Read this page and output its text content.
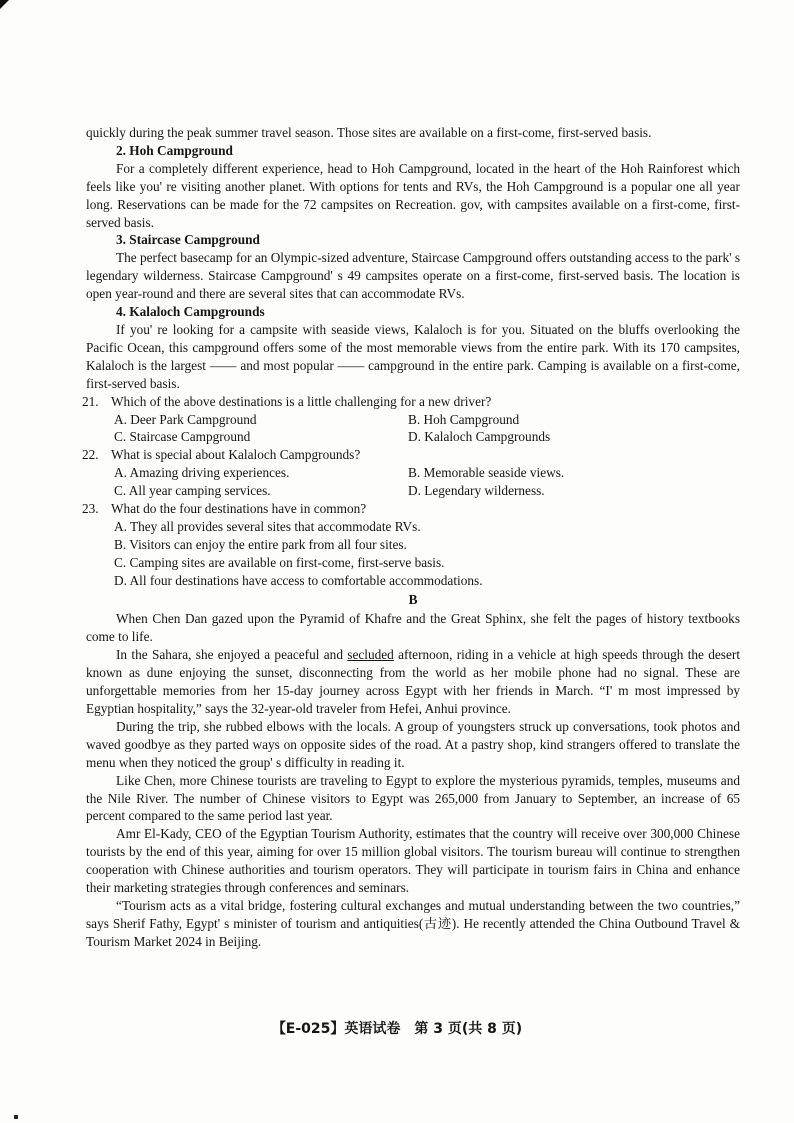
quickly during the peak summer travel season. Those sites are available on a first-come, first-served basis.

2. Hoh Campground

For a completely different experience, head to Hoh Campground, located in the heart of the Hoh Rainforest which feels like you' re visiting another planet. With options for tents and RVs, the Hoh Campground is a popular one all year long. Reservations can be made for the 72 campsites on Recreation. gov, with campsites available on a first-come, first-served basis.

3. Staircase Campground

The perfect basecamp for an Olympic-sized adventure, Staircase Campground offers outstanding access to the park' s legendary wilderness. Staircase Campground' s 49 campsites operate on a first-come, first-served basis. The location is open year-round and there are several sites that can accommodate RVs.

4. Kalaloch Campgrounds

If you' re looking for a campsite with seaside views, Kalaloch is for you. Situated on the bluffs overlooking the Pacific Ocean, this campground offers some of the most memorable views from the entire park. With its 170 campsites, Kalaloch is the largest —— and most popular —— campground in the entire park. Camping is available on a first-come, first-served basis.

21. Which of the above destinations is a little challenging for a new driver?

A. Deer Park Campground	B. Hoh Campground
C. Staircase Campground	D. Kalaloch Campgrounds

22. What is special about Kalaloch Campgrounds?

A. Amazing driving experiences.	B. Memorable seaside views.
C. All year camping services.	D. Legendary wilderness.

23. What do the four destinations have in common?

A. They all provides several sites that accommodate RVs.
B. Visitors can enjoy the entire park from all four sites.
C. Camping sites are available on first-come, first-serve basis.
D. All four destinations have access to comfortable accommodations.
B

When Chen Dan gazed upon the Pyramid of Khafre and the Great Sphinx, she felt the pages of history textbooks come to life.

In the Sahara, she enjoyed a peaceful and secluded afternoon, riding in a vehicle at high speeds through the desert known as dune enjoying the sunset, disconnecting from the world as her mobile phone had no signal. These are unforgettable memories from her 15-day journey across Egypt with her friends in March. “I' m most impressed by Egyptian hospitality,” says the 32-year-old traveler from Hefei, Anhui province.

During the trip, she rubbed elbows with the locals. A group of youngsters struck up conversations, took photos and waved goodbye as they parted ways on opposite sides of the road. At a pastry shop, kind strangers offered to translate the menu when they noticed the group' s difficulty in reading it.

Like Chen, more Chinese tourists are traveling to Egypt to explore the mysterious pyramids, temples, museums and the Nile River. The number of Chinese visitors to Egypt was 265,000 from January to September, an increase of 65 percent compared to the same period last year.

Amr El-Kady, CEO of the Egyptian Tourism Authority, estimates that the country will receive over 300,000 Chinese tourists by the end of this year, aiming for over 15 million global visitors. The tourism bureau will continue to strengthen cooperation with Chinese authorities and tourism operators. They will participate in tourism fairs in China and enhance their marketing strategies through conferences and seminars.

“Tourism acts as a vital bridge, fostering cultural exchanges and mutual understanding between the two countries,” says Sherif Fathy, Egypt' s minister of tourism and antiquities(古迹). He recently attended the China Outbound Travel & Tourism Market 2024 in Beijing.

【E-025】英语试卷　第 3 页(共 8 页)
